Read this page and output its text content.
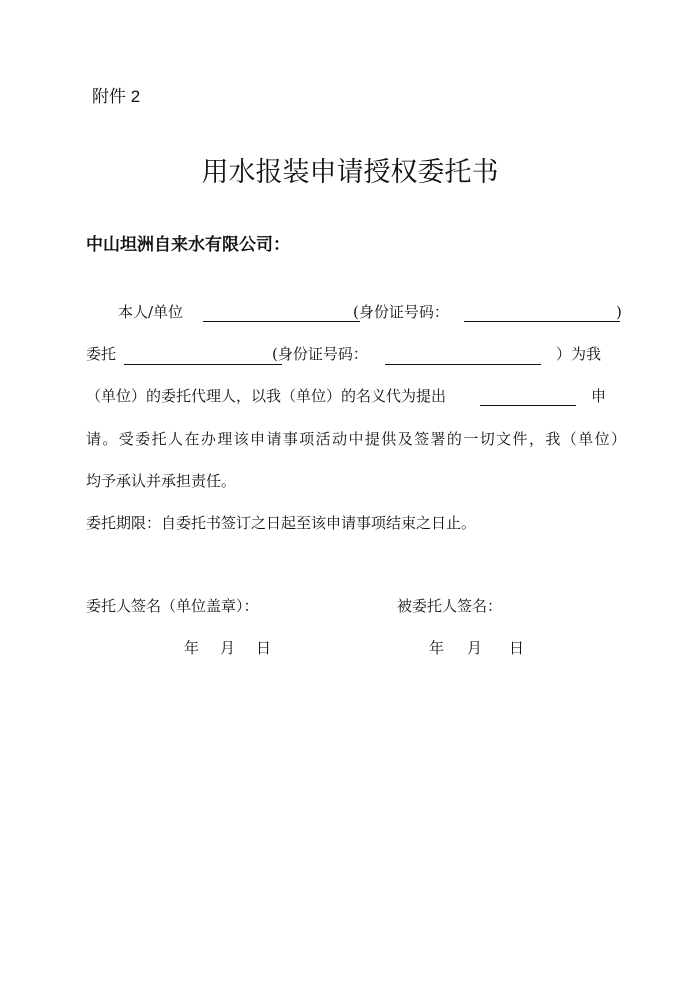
附件 2
用水报装申请授权委托书
中山坦洲自来水有限公司：
本人/单位	(身份证号码：	)
委托	(身份证号码：	）为我
（单位）的委托代理人，以我（单位）的名义代为提出	申
请。受委托人在办理该申请事项活动中提供及签署的一切文件，我（单位）
均予承认并承担责任。
委托期限：自委托书签订之日起至该申请事项结束之日止。
委托人签名（单位盖章）：	被委托人签名：
年 月 日	年 月 日
